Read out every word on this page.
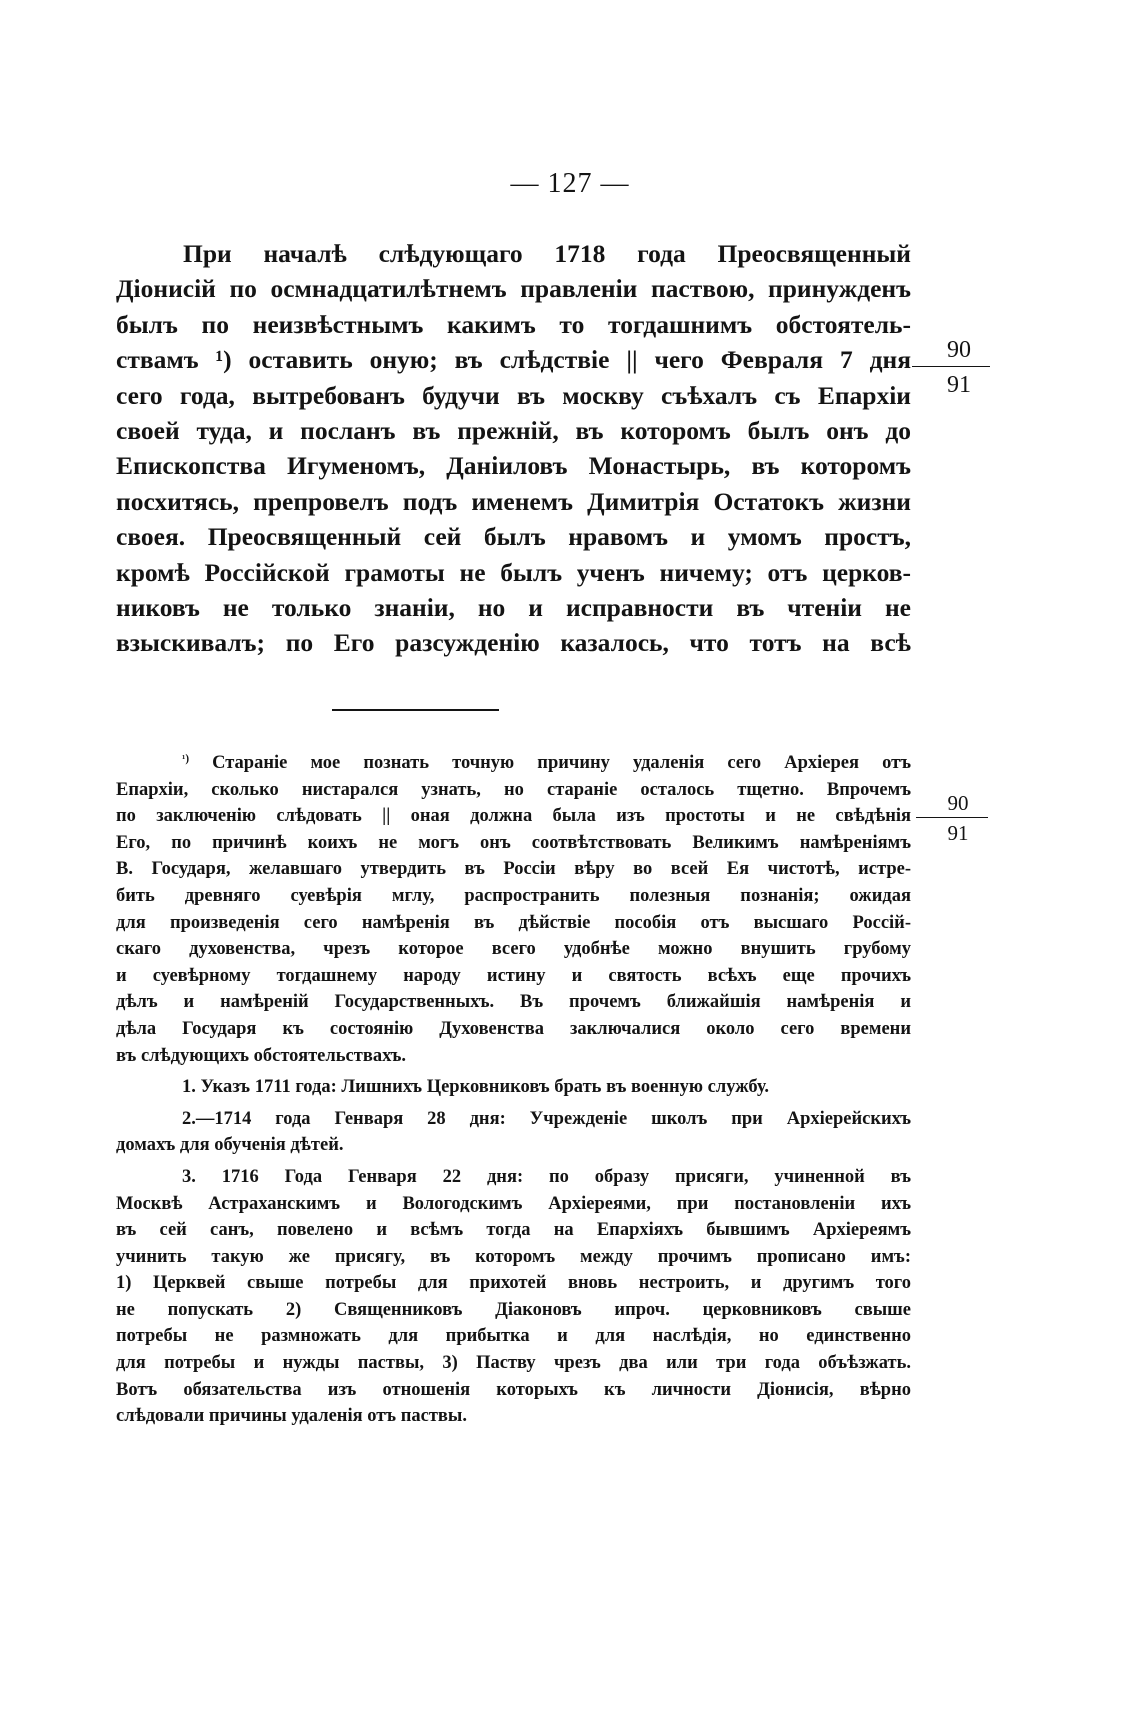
— 127 —
При началѣ слѣдующаго 1718 года Преосвященный
Діонисій по осмнадцатилѣтнемъ правленіи паствою, принужденъ
былъ по неизвѣстнымъ какимъ то тогдашнимъ обстоятель-
ствамъ ¹) оставить оную; въ слѣдствіе || чего Февраля 7 дня
сего года, вытребованъ будучи въ москву съѣхалъ съ Епархіи
своей туда, и посланъ въ прежній, въ которомъ былъ онъ до
Епископства Игуменомъ, Даніиловъ Монастырь, въ которомъ
посхитясь, препровелъ подъ именемъ Димитрія Остатокъ жизни
своея. Преосвященный сей былъ нравомъ и умомъ простъ,
кромѣ Россійской грамоты не былъ ученъ ничему; отъ церков-
никовъ не только знаніи, но и исправности въ чтеніи не
взыскивалъ; по Его разсужденію казалось, что тотъ на всѣ
90
91
$^{^1)}$ Стараніе мое познать точную причину удаленія сего Архіерея отъ
Епархіи, сколько нистарался узнать, но стараніе осталось тщетно. Впрочемъ
по заключенію слѣдовать || оная должна была изъ простоты и не свѣдѣнія
Его, по причинѣ коихъ не могъ онъ соотвѣтствовать Великимъ намѣреніямъ
В. Государя, желавшаго утвердить въ Россіи вѣру во всей Ея чистотѣ, истре-
бить древняго суевѣрія мглу, распространить полезныя познанія; ожидая
для произведенія сего намѣренія въ дѣйствіе пособія отъ высшаго Россій-
скаго духовенства, чрезъ которое всего удобнѣе можно внушить грубому
и суевѣрному тогдашнему народу истину и святость всѣхъ еще прочихъ
дѣлъ и намѣреній Государственныхъ. Въ прочемъ ближайшія намѣренія и
дѣла Государя къ состоянію Духовенства заключалися около сего времени
въ слѣдующихъ обстоятельствахъ.
1. Указъ 1711 года: Лишнихъ Церковниковъ брать въ военную службу.
2.—1714 года Генваря 28 дня: Учрежденіе школъ при Архіерейскихъ
домахъ для обученія дѣтей.
3. 1716 Года Генваря 22 дня: по образу присяги, учиненной въ
Москвѣ Астраханскимъ и Вологодскимъ Архіереями, при постановленіи ихъ
въ сей санъ, повелено и всѣмъ тогда на Епархіяхъ бывшимъ Архіереямъ
учинить такую же присягу, въ которомъ между прочимъ прописано имъ:
1) Церквей свыше потребы для прихотей вновь нестроить, и другимъ того
не попускать 2) Священниковъ Діаконовъ ипроч. церковниковъ свыше
потребы не размножать для прибытка и для наслѣдія, но единственно
для потребы и нужды паствы, 3) Паству чрезъ два или три года объѣзжать.
Вотъ обязательства изъ отношенія которыхъ къ личности Діонисія, вѣрно
слѣдовали причины удаленія отъ паствы.
90
91
